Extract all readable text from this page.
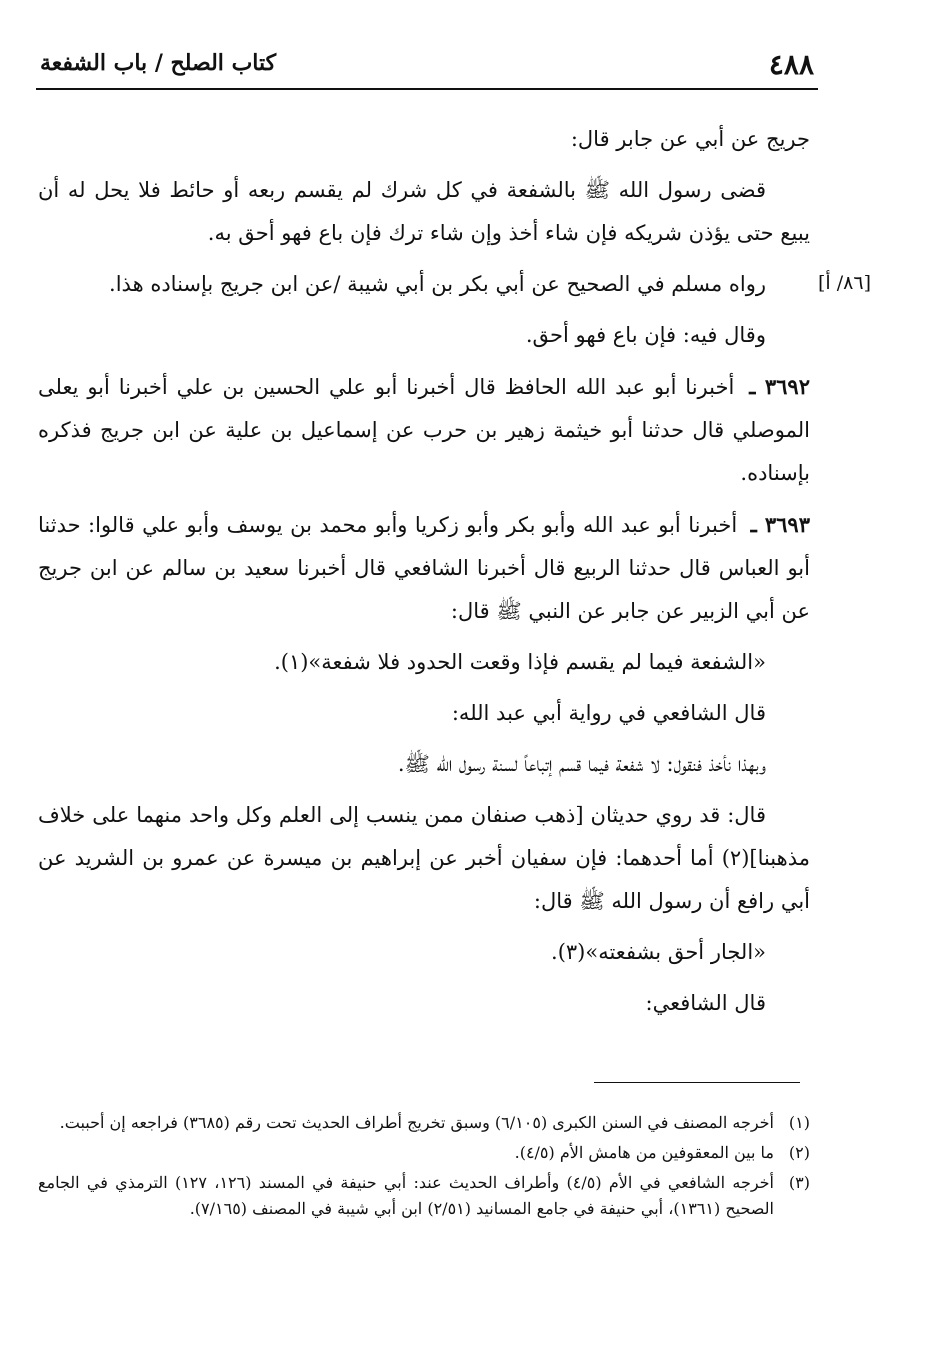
٤٨٨
كتاب الصلح / باب الشفعة
[٨٦/ أ]

جريج عن أبي عن جابر قال:

قضى رسول الله ﷺ بالشفعة في كل شرك لم يقسم ربعه أو حائط فلا يحل له أن يبيع حتى يؤذن شريكه فإن شاء أخذ وإن شاء ترك فإن باع فهو أحق به.

رواه مسلم في الصحيح عن أبي بكر بن أبي شيبة /عن ابن جريج بإسناده هذا.

وقال فيه: فإن باع فهو أحق.

٣٦٩٢ ـ أخبرنا أبو عبد الله الحافظ قال أخبرنا أبو علي الحسين بن علي أخبرنا أبو يعلى الموصلي قال حدثنا أبو خيثمة زهير بن حرب عن إسماعيل بن علية عن ابن جريج فذكره بإسناده.

٣٦٩٣ ـ أخبرنا أبو عبد الله وأبو بكر وأبو زكريا وأبو محمد بن يوسف وأبو علي قالوا: حدثنا أبو العباس قال حدثنا الربيع قال أخبرنا الشافعي قال أخبرنا سعيد بن سالم عن ابن جريج عن أبي الزبير عن جابر عن النبي ﷺ قال:

«الشفعة فيما لم يقسم فإذا وقعت الحدود فلا شفعة»(١).

قال الشافعي في رواية أبي عبد الله:

وبهذا نأخذ فنقول: لا شفعة فيما قسم إتباعاً لسنة رسول الله ﷺ.

قال: قد روي حديثان [ذهب صنفان ممن ينسب إلى العلم وكل واحد منهما على خلاف مذهبنا](٢) أما أحدهما: فإن سفيان أخبر عن إبراهيم بن ميسرة عن عمرو بن الشريد عن أبي رافع أن رسول الله ﷺ قال:

«الجار أحق بشفعته»(٣).

قال الشافعي:

(١)
أخرجه المصنف في السنن الكبرى (٦/١٠٥) وسبق تخريج أطراف الحديث تحت رقم (٣٦٨٥) فراجعه إن أحببت.
(٢)
ما بين المعقوفين من هامش الأم (٤/٥).
(٣)
أخرجه الشافعي في الأم (٤/٥) وأطراف الحديث عند: أبي حنيفة في المسند (١٢٦، ١٢٧) الترمذي في الجامع الصحيح (١٣٦١)، أبي حنيفة في جامع المسانيد (٢/٥١) ابن أبي شيبة في المصنف (٧/١٦٥).
